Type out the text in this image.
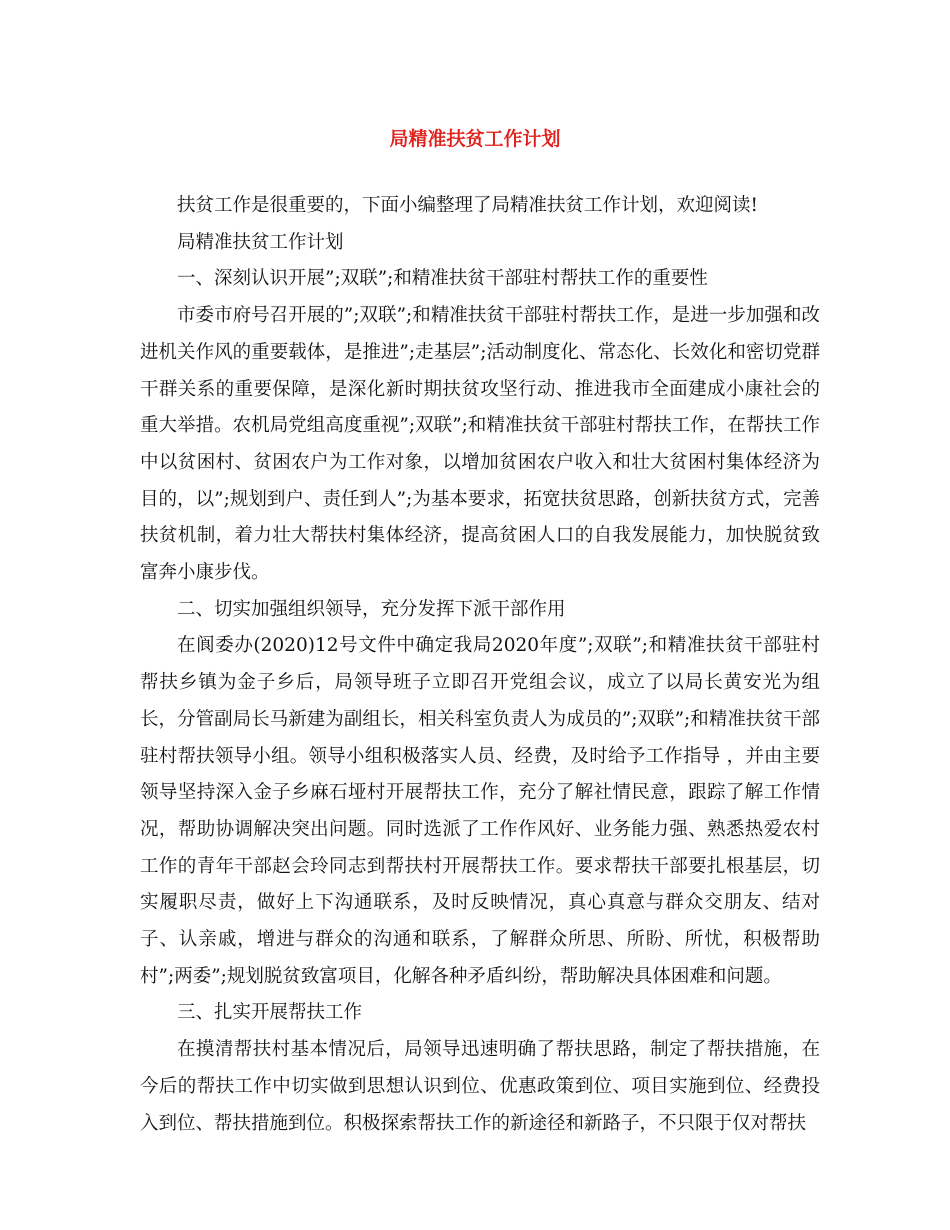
局精准扶贫工作计划

扶贫工作是很重要的，下面小编整理了局精准扶贫工作计划，欢迎阅读!

局精准扶贫工作计划

一、深刻认识开展”;双联”;和精准扶贫干部驻村帮扶工作的重要性

市委市府号召开展的”;双联”;和精准扶贫干部驻村帮扶工作，是进一步加强和改进机关作风的重要载体，是推进”;走基层”;活动制度化、常态化、长效化和密切党群干群关系的重要保障，是深化新时期扶贫攻坚行动、推进我市全面建成小康社会的重大举措。农机局党组高度重视”;双联”;和精准扶贫干部驻村帮扶工作，在帮扶工作中以贫困村、贫困农户为工作对象，以增加贫困农户收入和壮大贫困村集体经济为目的，以”;规划到户、责任到人”;为基本要求，拓宽扶贫思路，创新扶贫方式，完善扶贫机制，着力壮大帮扶村集体经济，提高贫困人口的自我发展能力，加快脱贫致富奔小康步伐。

二、切实加强组织领导，充分发挥下派干部作用

在阆委办(2020)12号文件中确定我局2020年度”;双联”;和精准扶贫干部驻村帮扶乡镇为金子乡后，局领导班子立即召开党组会议，成立了以局长黄安光为组长，分管副局长马新建为副组长，相关科室负责人为成员的”;双联”;和精准扶贫干部驻村帮扶领导小组。领导小组积极落实人员、经费，及时给予工作指导 ，并由主要领导坚持深入金子乡麻石垭村开展帮扶工作，充分了解社情民意，跟踪了解工作情况，帮助协调解决突出问题。同时选派了工作作风好、业务能力强、熟悉热爱农村工作的青年干部赵会玲同志到帮扶村开展帮扶工作。要求帮扶干部要扎根基层，切实履职尽责，做好上下沟通联系，及时反映情况，真心真意与群众交朋友、结对子、认亲戚，增进与群众的沟通和联系，了解群众所思、所盼、所忧，积极帮助村”;两委”;规划脱贫致富项目，化解各种矛盾纠纷，帮助解决具体困难和问题。

三、扎实开展帮扶工作

在摸清帮扶村基本情况后，局领导迅速明确了帮扶思路，制定了帮扶措施，在今后的帮扶工作中切实做到思想认识到位、优惠政策到位、项目实施到位、经费投入到位、帮扶措施到位。积极探索帮扶工作的新途径和新路子，不只限于仅对帮扶
